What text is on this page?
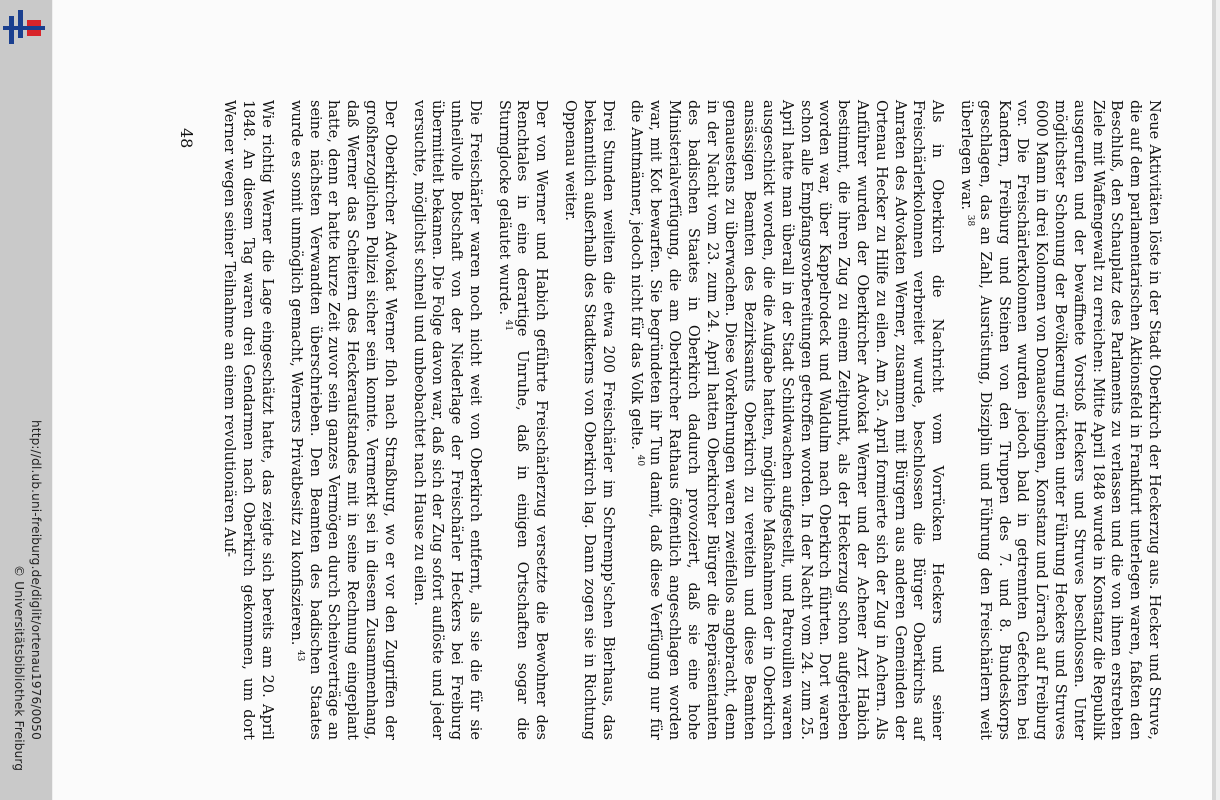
http://dl.ub.uni-freiburg.de/diglit/ortenau1976/0050
© Universitätsbibliothek Freiburg	Neue Aktivitäten löste in der Stadt Oberkirch der Heckerzug aus. Hecker und Struve, die auf dem parlamentarischen Aktionsfeld in Frankfurt unterlegen waren, faßten den Beschluß, den Schauplatz des Parlaments zu verlassen und die von ihnen erstrebten Ziele mit Waffengewalt zu erreichen: Mitte April 1848 wurde in Konstanz die Republik ausgerufen und der bewaffnete Vorstoß Heckers und Struves beschlossen. Unter möglichster Schonung der Bevölkerung rückten unter Führung Heckers und Struves 6000 Mann in drei Kolonnen von Donaueschingen, Konstanz und Lörrach auf Freiburg vor. Die Freischärlerkolonnen wurden jedoch bald in getrennten Gefechten bei Kandern, Freiburg und Steinen von den Truppen des 7. und 8. Bundeskorps geschlagen, das an Zahl, Ausrüstung, Disziplin und Führung den Freischärlern weit überlegen war. $^{38}$

Als in Oberkirch die Nachricht vom Vorrücken Heckers und seiner Freischärlerkolonnen verbreitet wurde, beschlossen die Bürger Oberkirchs auf Anraten des Advokaten Werner, zusammen mit Bürgern aus anderen Gemeinden der Ortenau Hecker zu Hilfe zu eilen. Am 25. April formierte sich der Zug in Achern. Als Anführer wurden der Oberkircher Advokat Werner und der Achener Arzt Habich bestimmt, die ihren Zug zu einem Zeitpunkt, als der Heckerzug schon aufgerieben worden war, über Kappelrodeck und Waldulm nach Oberkirch führten. Dort waren schon alle Empfangsvorbereitungen getroffen worden. In der Nacht vom 24. zum 25. April hatte man überall in der Stadt Schildwachen aufgestellt, und Patrouillen waren ausgeschickt worden, die die Aufgabe hatten, mögliche Maßnahmen der in Oberkirch ansässigen Beamten des Bezirksamts Oberkirch zu vereiteln und diese Beamten genauestens zu überwachen. Diese Vorkehrungen waren zweifellos angebracht, denn in der Nacht vom 23. zum 24. April hatten Oberkircher Bürger die Repräsentanten des badischen Staates in Oberkirch dadurch provoziert, daß sie eine hohe Ministerialverfügung, die am Oberkircher Rathaus öffentlich angeschlagen worden war, mit Kot bewarfen. Sie begründeten ihr Tun damit, daß diese Verfügung nur für die Amtmänner, jedoch nicht für das Volk gelte. $^{40}$

Drei Stunden weilten die etwa 200 Freischärler im Schrempp'schen Bierhaus, das bekanntlich außerhalb des Stadtkerns von Oberkirch lag. Dann zogen sie in Richtung Oppenau weiter.

Der von Werner und Habich geführte Freischärlerzug versetzte die Bewohner des Renchtales in eine derartige Unruhe, daß in einigen Ortschaften sogar die Sturmglocke geläutet wurde. $^{41}$

Die Freischärler waren noch nicht weit von Oberkirch entfernt, als sie die für sie unheilvolle Botschaft von der Niederlage der Freischärler Heckers bei Freiburg übermittelt bekamen. Die Folge davon war, daß sich der Zug sofort auflöste und jeder versuchte, möglichst schnell und unbeobachtet nach Hause zu eilen.

Der Oberkircher Advokat Werner floh nach Straßburg, wo er vor den Zugriffen der großherzoglichen Polizei sicher sein konnte. Vermerkt sei in diesem Zusammenhang, daß Werner das Scheitern des Heckeraufstandes mit in seine Rechnung eingeplant hatte, denn er hatte kurze Zeit zuvor sein ganzes Vermögen durch Scheinverträge an seine nächsten Verwandten überschrieben. Den Beamten des badischen Staates wurde es somit unmöglich gemacht, Werners Privatbesitz zu konfiszieren. $^{43}$

Wie richtig Werner die Lage eingeschätzt hatte, das zeigte sich bereits am 20. April 1848. An diesem Tag waren drei Gendarmen nach Oberkirch gekommen, um dort Werner wegen seiner Teilnahme an einem revolutionären Auf-

48
